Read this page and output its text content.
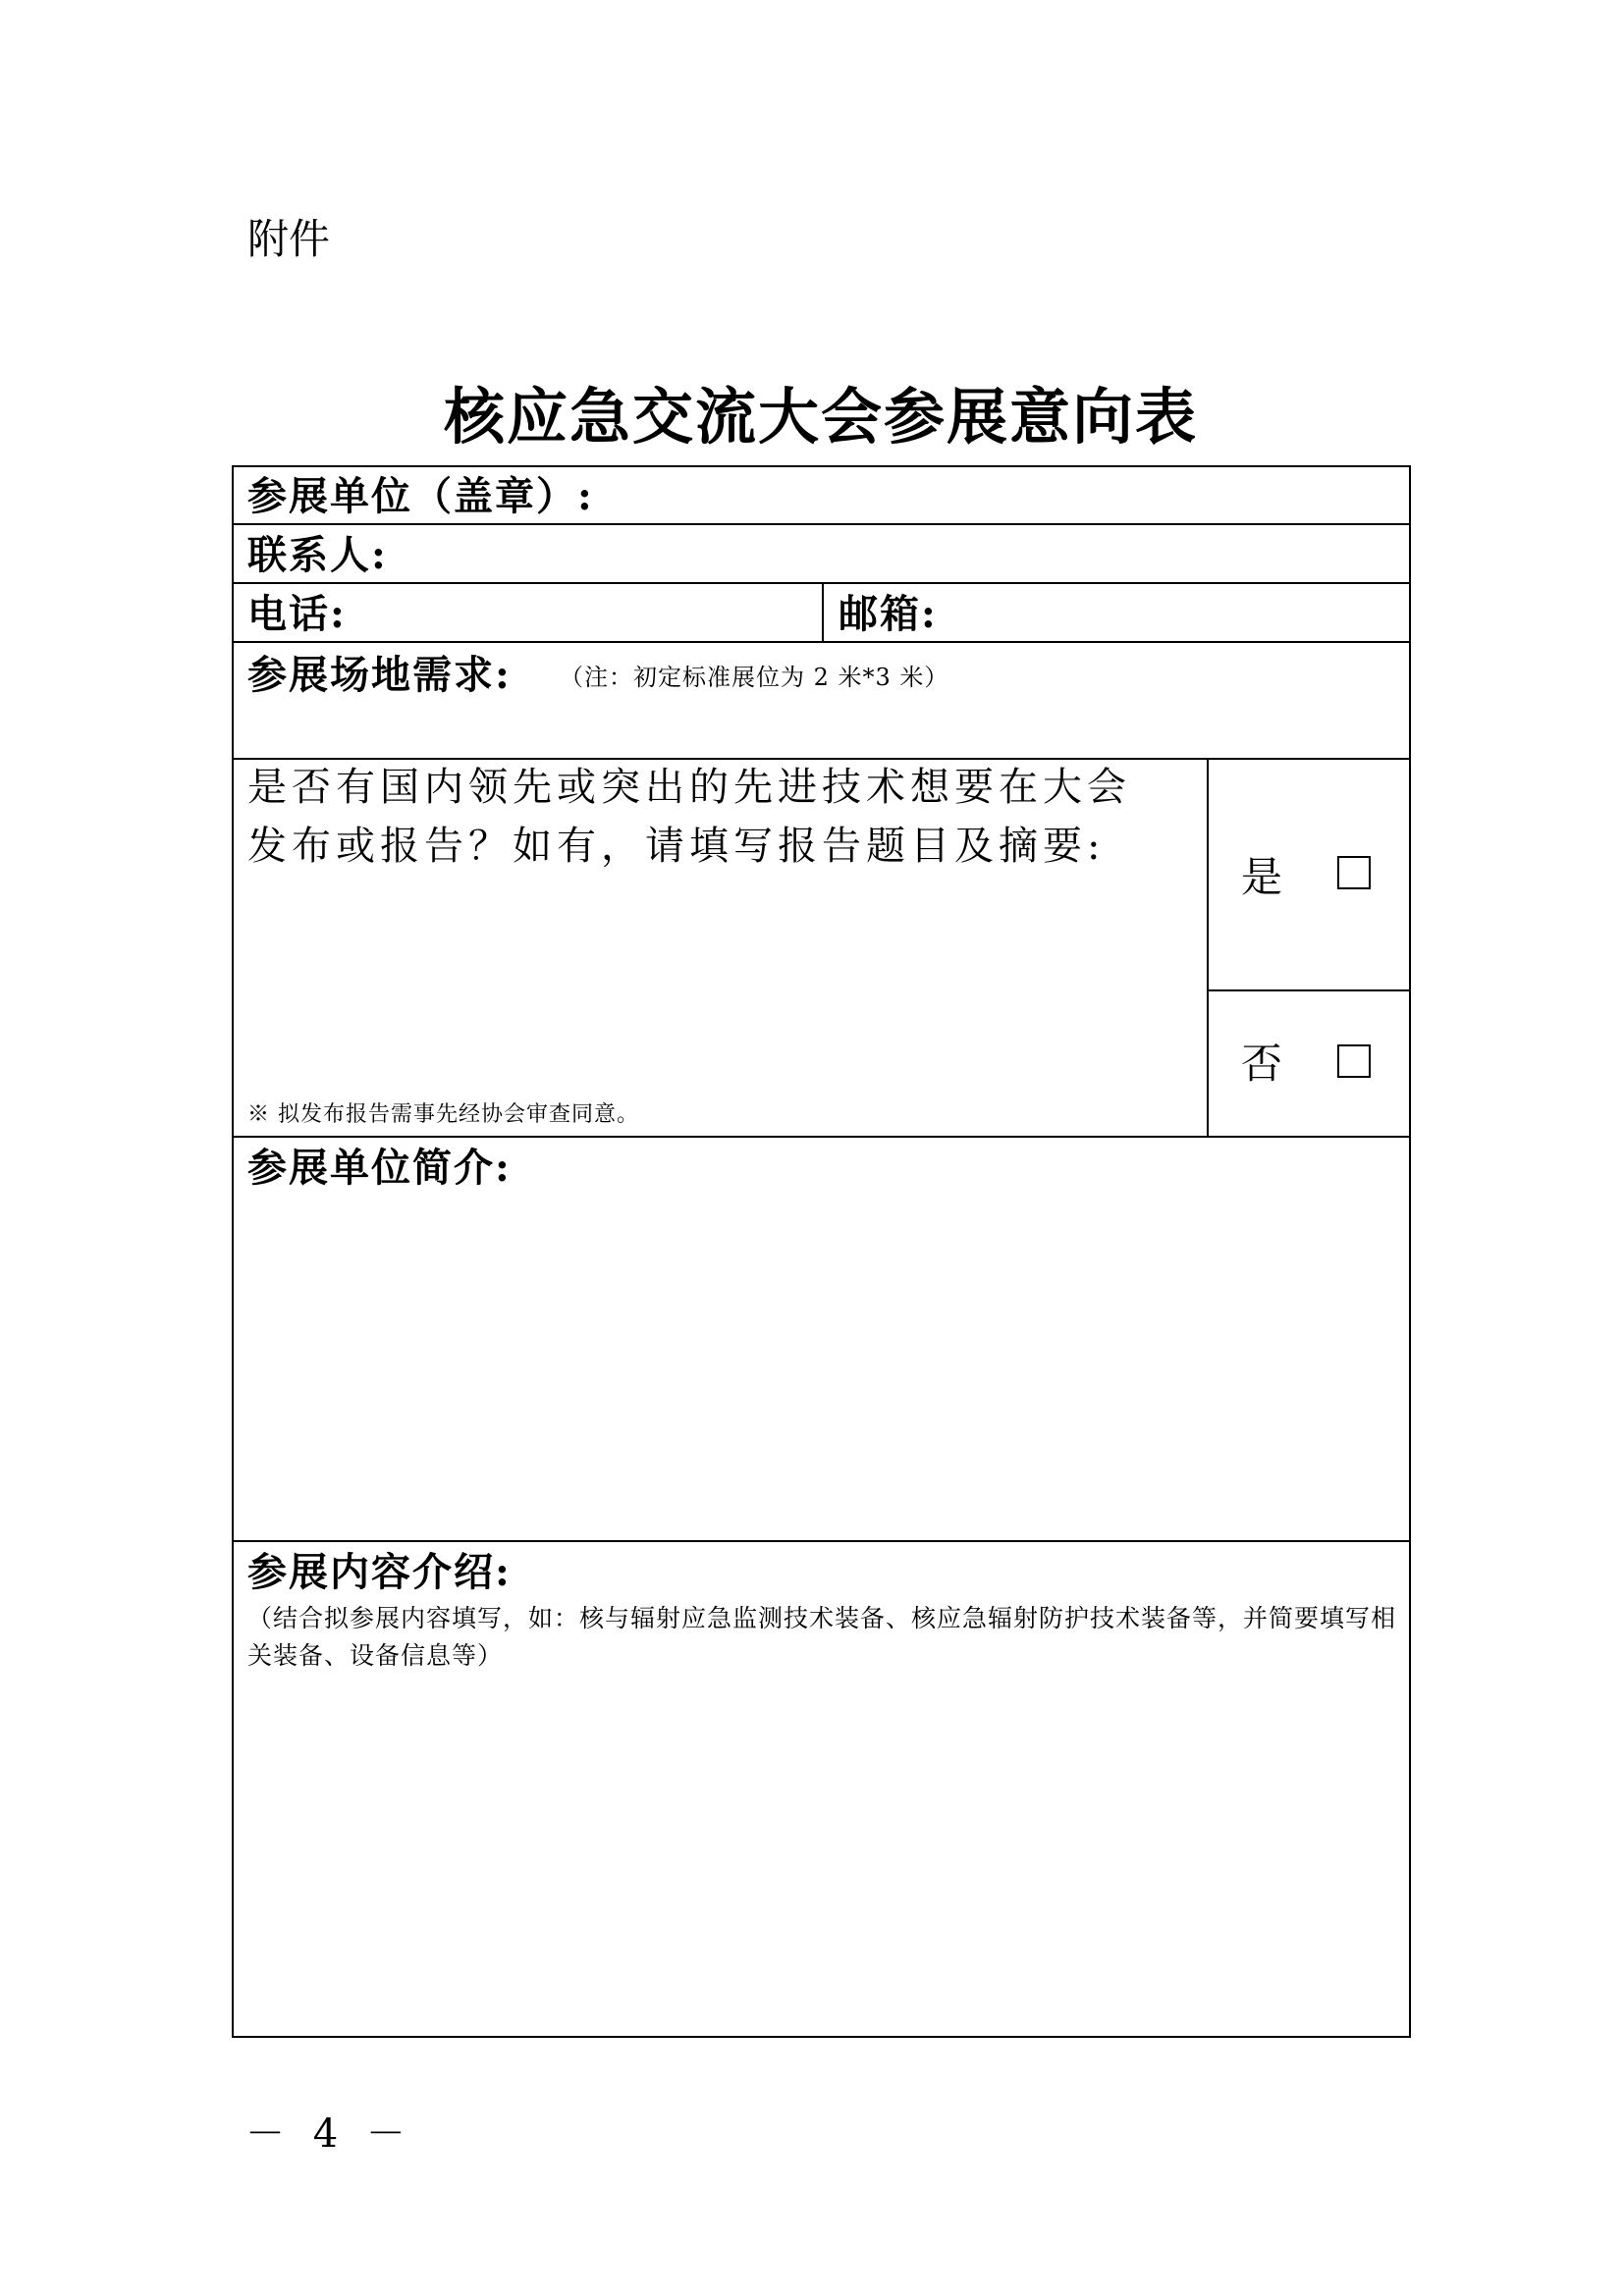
附件
核应急交流大会参展意向表
参展单位（盖章）:
联系人:
电话:	邮箱:
参展场地需求: （注：初定标准展位为 2 米*3 米）
是否有国内领先或突出的先进技术想要在大会发布或报告？如有，请填写报告题目及摘要:
※ 拟发布报告需事先经协会审查同意。
是
否
参展单位简介:
参展内容介绍:
（结合拟参展内容填写，如：核与辐射应急监测技术装备、核应急辐射防护技术装备等，并简要填写相关装备、设备信息等）
－ 4 －
